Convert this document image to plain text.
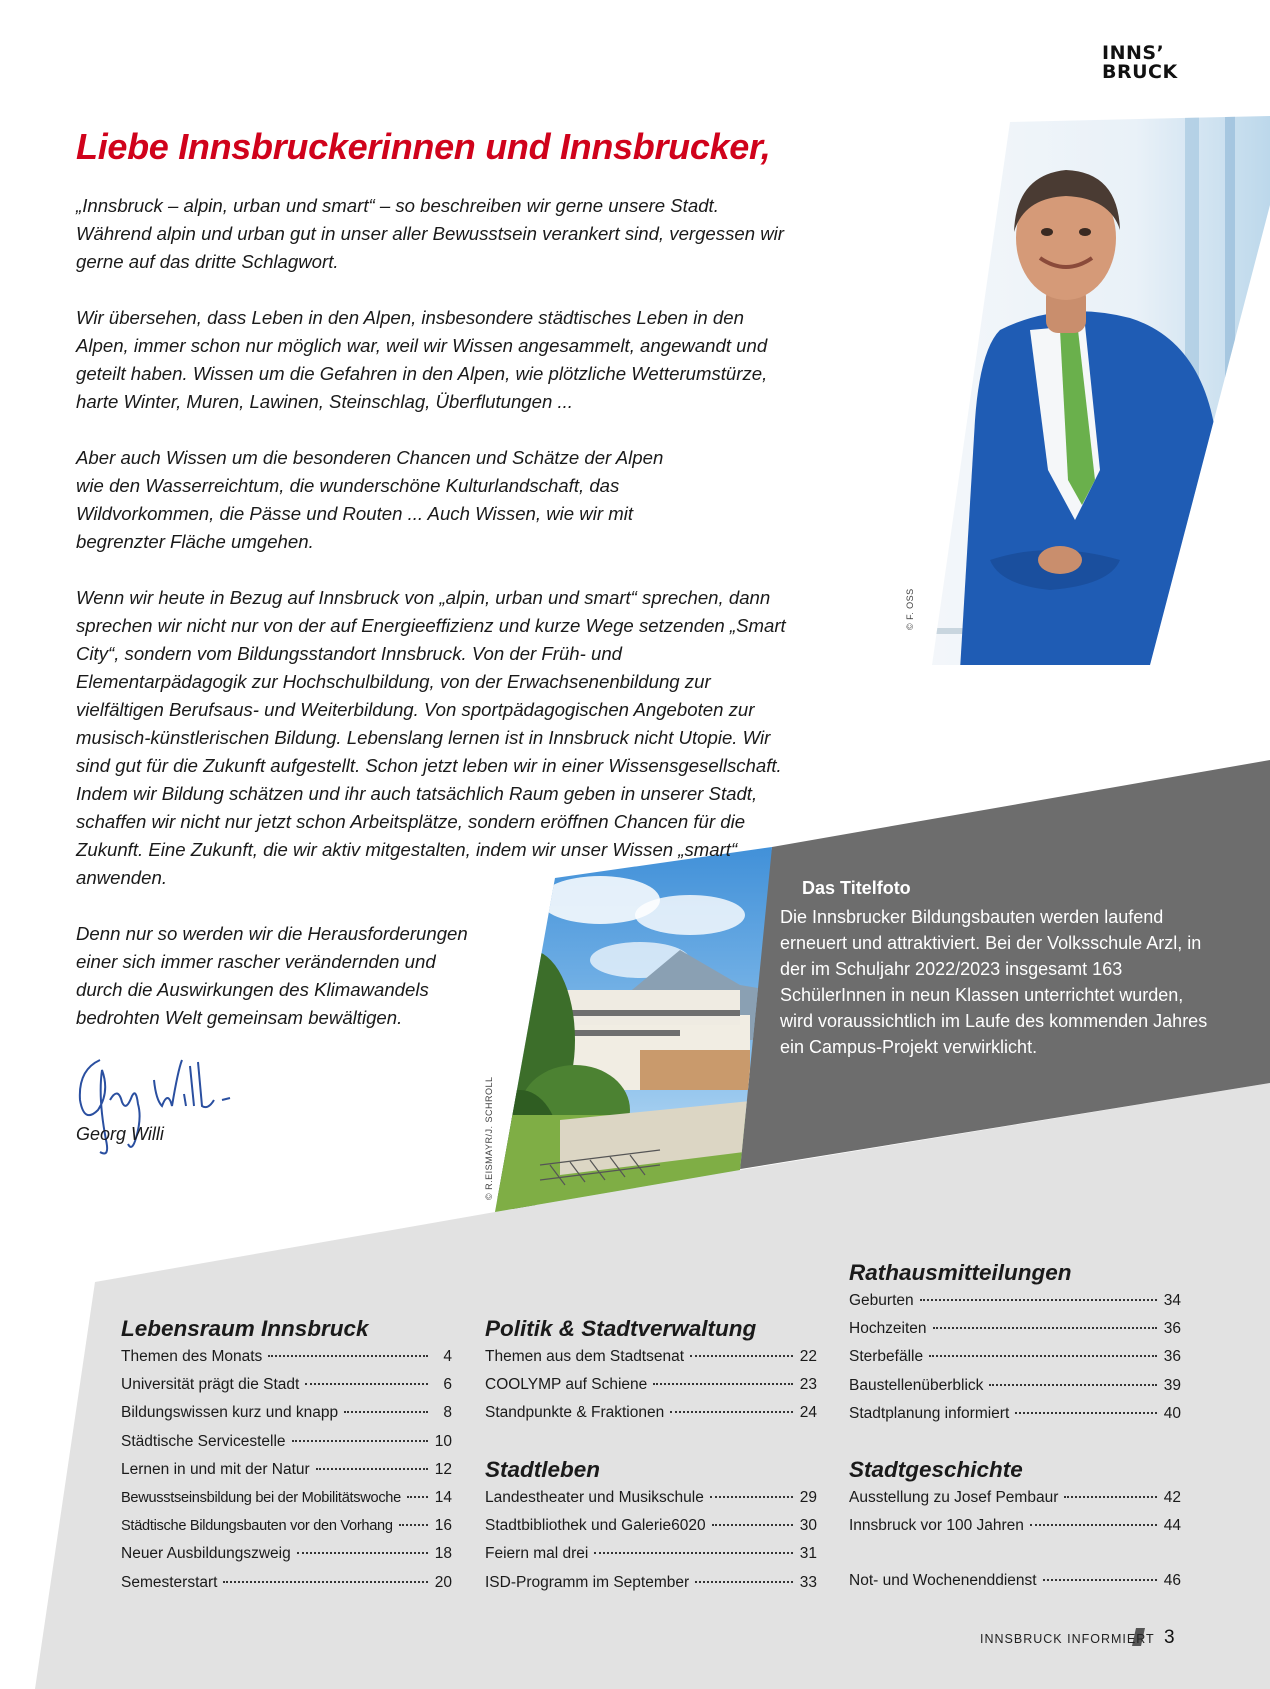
INNS’
BRUCK
Liebe Innsbruckerinnen und Innsbrucker,

„Innsbruck – alpin, urban und smart“ – so beschreiben wir gerne unsere Stadt. Während alpin und urban gut in unser aller Bewusstsein verankert sind, vergessen wir gerne auf das dritte Schlagwort.

Wir übersehen, dass Leben in den Alpen, insbesondere städtisches Leben in den Alpen, immer schon nur möglich war, weil wir Wissen angesammelt, angewandt und geteilt haben. Wissen um die Gefahren in den Alpen, wie plötzliche Wetterumstürze, harte Winter, Muren, Lawinen, Steinschlag, Überflutungen ...

Aber auch Wissen um die besonderen Chancen und Schätze der Alpen wie den Wasserreichtum, die wunderschöne Kulturlandschaft, das Wildvorkommen, die Pässe und Routen ... Auch Wissen, wie wir mit begrenzter Fläche umgehen.

Wenn wir heute in Bezug auf Innsbruck von „alpin, urban und smart“ sprechen, dann sprechen wir nicht nur von der auf Energieeffizienz und kurze Wege setzenden „Smart City“, sondern vom Bildungsstandort Innsbruck. Von der Früh- und Elementarpädagogik zur Hochschulbildung, von der Erwachsenenbildung zur vielfältigen Berufsaus- und Weiterbildung. Von sportpädagogischen Angeboten zur musisch-künstlerischen Bildung. Lebenslang lernen ist in Innsbruck nicht Utopie. Wir sind gut für die Zukunft aufgestellt. Schon jetzt leben wir in einer Wissensgesellschaft. Indem wir Bildung schätzen und ihr auch tatsächlich Raum geben in unserer Stadt, schaffen wir nicht nur jetzt schon Arbeitsplätze, sondern eröffnen Chancen für die Zukunft. Eine Zukunft, die wir aktiv mitgestalten, indem wir unser Wissen „smart“ anwenden.

Denn nur so werden wir die Herausforderungen einer sich immer rascher verändernden und durch die Auswirkungen des Klimawandels bedrohten Welt gemeinsam bewältigen.

Georg Willi
© F. OSS
© R.EISMAYR/J. SCHROLL
Das Titelfoto
Die Innsbrucker Bildungsbauten werden laufend erneuert und attraktiviert. Bei der Volksschule Arzl, in der im Schuljahr 2022/2023 insgesamt 163 SchülerInnen in neun Klassen unterrichtet wurden, wird voraussichtlich im Laufe des kommenden Jahres ein Campus-Projekt verwirklicht.
Lebensraum Innsbruck
Themen des Monats	4
Universität prägt die Stadt	6
Bildungswissen kurz und knapp	8
Städtische Servicestelle	10
Lernen in und mit der Natur	12
Bewusstseinsbildung bei der Mobilitätswoche 14
Städtische Bildungsbauten vor den Vorhang	16
Neuer Ausbildungszweig	18
Semesterstart	20
Politik & Stadtverwaltung
Themen aus dem Stadtsenat	22
COOLYMP auf Schiene	23
Standpunkte & Fraktionen	24
Stadtleben
Landestheater und Musikschule	29
Stadtbibliothek und Galerie6020	30
Feiern mal drei	31
ISD-Programm im September	33
Rathausmitteilungen
Geburten	34
Hochzeiten	36
Sterbefälle	36
Baustellenüberblick	39
Stadtplanung informiert	40
Stadtgeschichte
Ausstellung zu Josef Pembaur	42
Innsbruck vor 100 Jahren	44
Not- und Wochenenddienst	46
INNSBRUCK INFORMIERT 3
